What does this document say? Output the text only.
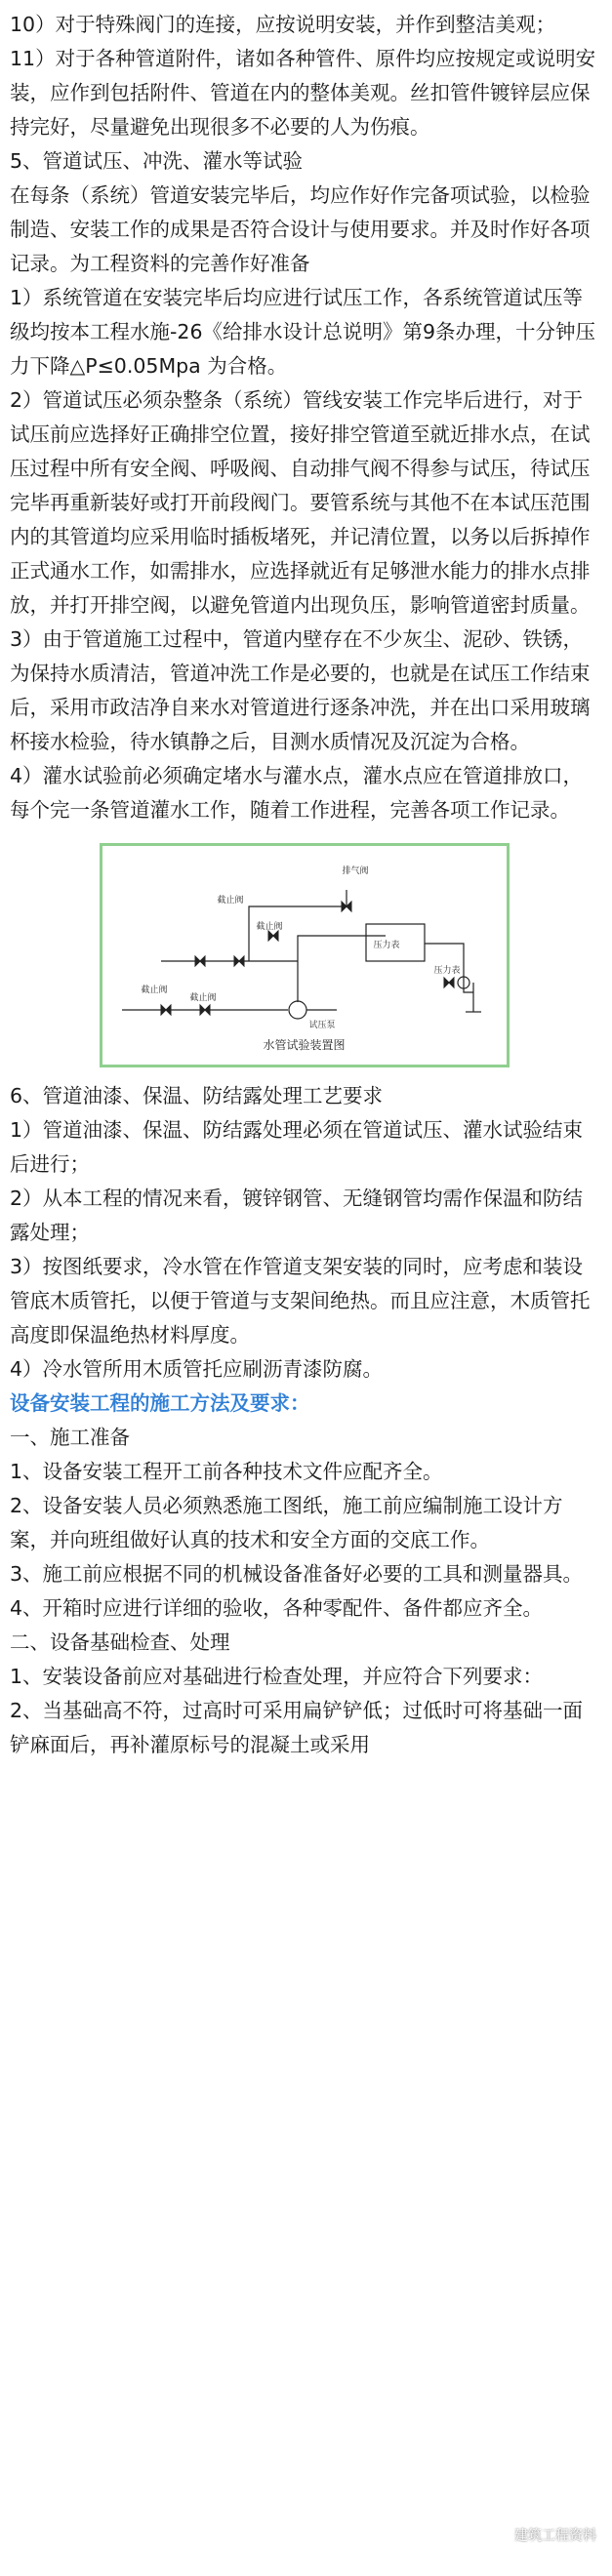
10）对于特殊阀门的连接，应按说明安装，并作到整洁美观；

11）对于各种管道附件，诸如各种管件、原件均应按规定或说明安装，应作到包括附件、管道在内的整体美观。丝扣管件镀锌层应保持完好，尽量避免出现很多不必要的人为伤痕。

5、管道试压、冲洗、灌水等试验

在每条（系统）管道安装完毕后，均应作好作完备项试验，以检验制造、安装工作的成果是否符合设计与使用要求。并及时作好各项记录。为工程资料的完善作好准备

1）系统管道在安装完毕后均应进行试压工作，各系统管道试压等级均按本工程水施-26《给排水设计总说明》第9条办理，十分钟压力下降△P≤0.05Mpa 为合格。

2）管道试压必须杂整条（系统）管线安装工作完毕后进行，对于试压前应选择好正确排空位置，接好排空管道至就近排水点，在试压过程中所有安全阀、呼吸阀、自动排气阀不得参与试压，待试压完毕再重新装好或打开前段阀门。要管系统与其他不在本试压范围内的其管道均应采用临时插板堵死，并记清位置，以务以后拆掉作正式通水工作，如需排水，应选择就近有足够泄水能力的排水点排放，并打开排空阀，以避免管道内出现负压，影响管道密封质量。

3）由于管道施工过程中，管道内壁存在不少灰尘、泥砂、铁锈，为保持水质清洁，管道冲洗工作是必要的，也就是在试压工作结束后，采用市政洁净自来水对管道进行逐条冲洗，并在出口采用玻璃杯接水检验，待水镇静之后，目测水质情况及沉淀为合格。

4）灌水试验前必须确定堵水与灌水点，灌水点应在管道排放口，每个完一条管道灌水工作，随着工作进程，完善各项工作记录。

排气阀
截止阀
截止阀
截止阀
截止阀
试压泵
压力表
压力表
水管试验装置图

6、管道油漆、保温、防结露处理工艺要求

1）管道油漆、保温、防结露处理必须在管道试压、灌水试验结束后进行；

2）从本工程的情况来看，镀锌钢管、无缝钢管均需作保温和防结露处理；

3）按图纸要求，冷水管在作管道支架安装的同时，应考虑和装设管底木质管托，以便于管道与支架间绝热。而且应注意，木质管托高度即保温绝热材料厚度。

4）冷水管所用木质管托应刷沥青漆防腐。

设备安装工程的施工方法及要求：

一、施工准备

1、设备安装工程开工前各种技术文件应配齐全。

2、设备安装人员必须熟悉施工图纸，施工前应编制施工设计方案，并向班组做好认真的技术和安全方面的交底工作。

3、施工前应根据不同的机械设备准备好必要的工具和测量器具。

4、开箱时应进行详细的验收，各种零配件、备件都应齐全。

二、设备基础检查、处理

1、安装设备前应对基础进行检查处理，并应符合下列要求：

2、当基础高不符，过高时可采用扁铲铲低；过低时可将基础一面铲麻面后，再补灌原标号的混凝土或采用

建筑工程资料
